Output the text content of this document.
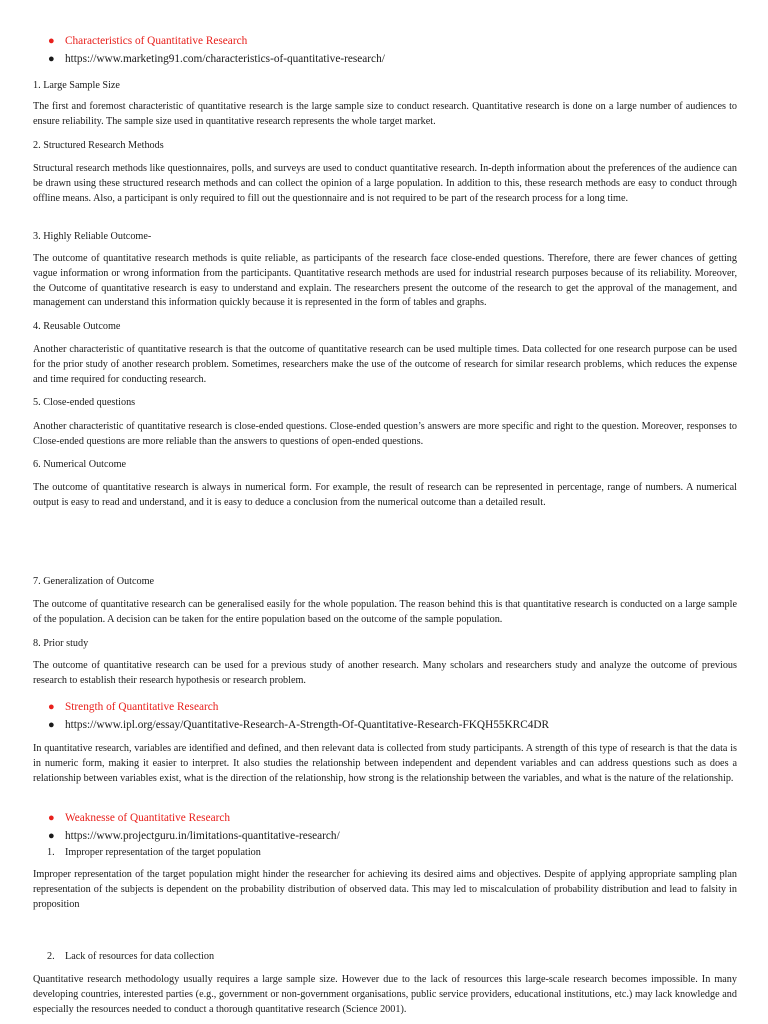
● Characteristics of Quantitative Research
● https://www.marketing91.com/characteristics-of-quantitative-research/
1. Large Sample Size

The first and foremost characteristic of quantitative research is the large sample size to conduct research. Quantitative research is done on a large number of audiences to ensure reliability. The sample size used in quantitative research represents the whole target market.

2. Structured Research Methods

Structural research methods like questionnaires, polls, and surveys are used to conduct quantitative research. In-depth information about the preferences of the audience can be drawn using these structured research methods and can collect the opinion of a large population. In addition to this, these research methods are easy to conduct through offline means. Also, a participant is only required to fill out the questionnaire and is not required to be part of the research process for a long time.

3. Highly Reliable Outcome-

The outcome of quantitative research methods is quite reliable, as participants of the research face close-ended questions. Therefore, there are fewer chances of getting vague information or wrong information from the participants. Quantitative research methods are used for industrial research purposes because of its reliability. Moreover, the Outcome of quantitative research is easy to understand and explain. The researchers present the outcome of the research to get the approval of the management, and management can understand this information quickly because it is represented in the form of tables and graphs.

4. Reusable Outcome

Another characteristic of quantitative research is that the outcome of quantitative research can be used multiple times. Data collected for one research purpose can be used for the prior study of another research problem. Sometimes, researchers make the use of the outcome of research for similar research problems, which reduces the expense and time required for conducting research.

5. Close-ended questions

Another characteristic of quantitative research is close-ended questions. Close-ended question’s answers are more specific and right to the question. Moreover, responses to Close-ended questions are more reliable than the answers to questions of open-ended questions.

6. Numerical Outcome

The outcome of quantitative research is always in numerical form. For example, the result of research can be represented in percentage, range of numbers. A numerical output is easy to read and understand, and it is easy to deduce a conclusion from the numerical outcome than a detailed result.

7. Generalization of Outcome

The outcome of quantitative research can be generalised easily for the whole population. The reason behind this is that quantitative research is conducted on a large sample of the population. A decision can be taken for the entire population based on the outcome of the sample population.

8. Prior study

The outcome of quantitative research can be used for a previous study of another research. Many scholars and researchers study and analyze the outcome of previous research to establish their research hypothesis or research problem.

● Strength of Quantitative Research
● https://www.ipl.org/essay/Quantitative-Research-A-Strength-Of-Quantitative-Research-FKQH55KRC4DR

In quantitative research, variables are identified and defined, and then relevant data is collected from study participants. A strength of this type of research is that the data is in numeric form, making it easier to interpret. It also studies the relationship between independent and dependent variables and can address questions such as does a relationship between variables exist, what is the direction of the relationship, how strong is the relationship between the variables, and what is the nature of the relationship.

● Weaknesse of Quantitative Research
● https://www.projectguru.in/limitations-quantitative-research/
1. Improper representation of the target population

Improper representation of the target population might hinder the researcher for achieving its desired aims and objectives. Despite of applying appropriate sampling plan representation of the subjects is dependent on the probability distribution of observed data. This may led to miscalculation of probability distribution and lead to falsity in proposition

2. Lack of resources for data collection

Quantitative research methodology usually requires a large sample size. However due to the lack of resources this large-scale research becomes impossible. In many developing countries, interested parties (e.g., government or non-government organisations, public service providers, educational institutions, etc.) may lack knowledge and especially the resources needed to conduct a thorough quantitative research (Science 2001).
